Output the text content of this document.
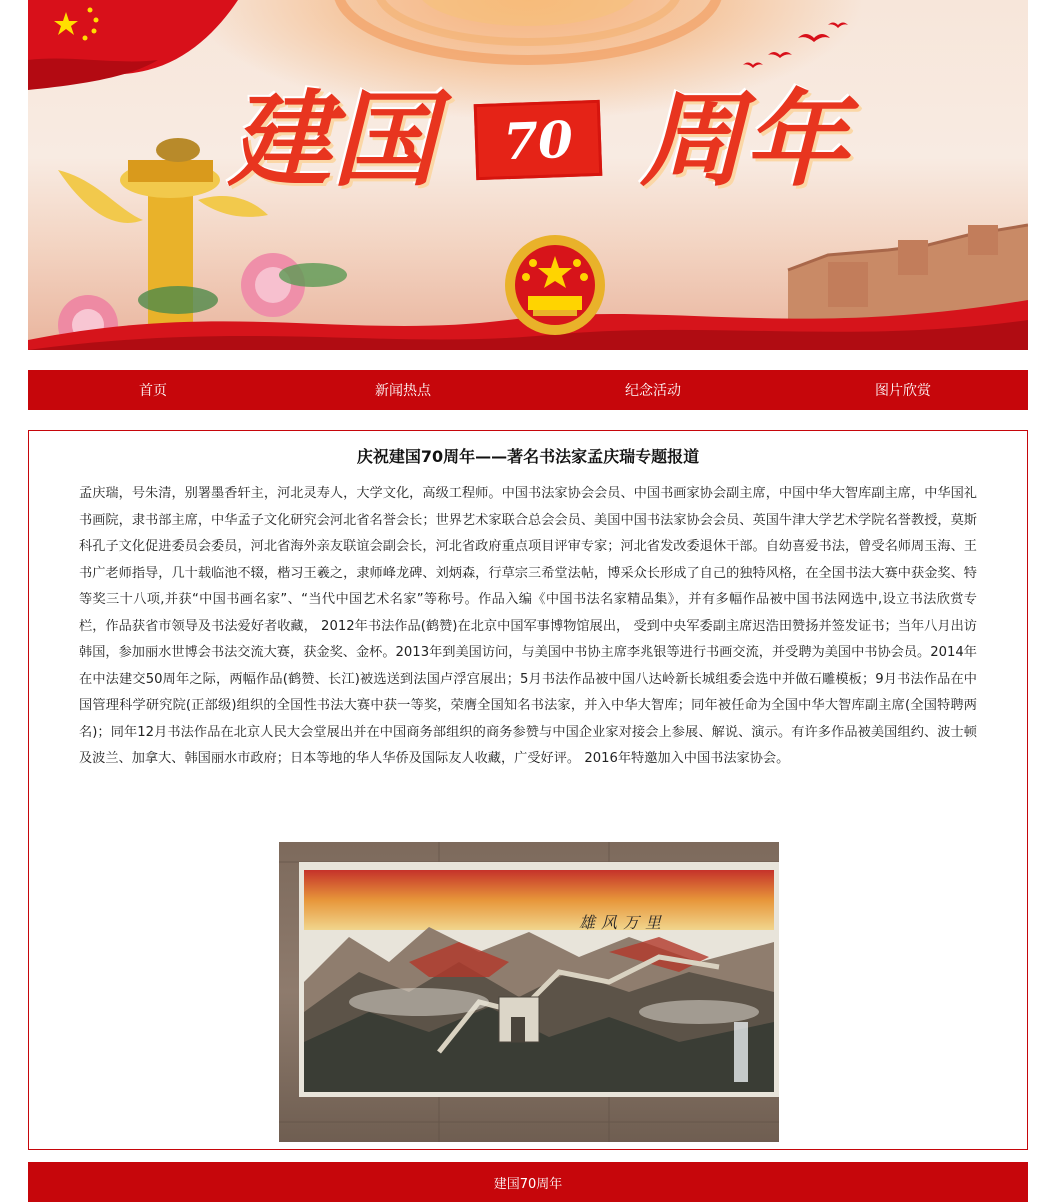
建国 70 周年
首页	新闻热点	纪念活动	图片欣赏
庆祝建国70周年——著名书法家孟庆瑞专题报道
孟庆瑞，号朱清，别署墨香轩主，河北灵寿人，大学文化，高级工程师。中国书法家协会会员、中国书画家协会副主席，中国中华大智库副主席，中华国礼书画院，隶书部主席，中华孟子文化研究会河北省名誉会长；世界艺术家联合总会会员、美国中国书法家协会会员、英国牛津大学艺术学院名誉教授，莫斯科孔子文化促进委员会委员，河北省海外亲友联谊会副会长，河北省政府重点项目评审专家；河北省发改委退休干部。自幼喜爱书法，曾受名师周玉海、王书广老师指导，几十载临池不辍，楷习王羲之，隶师峰龙碑、刘炳森，行草宗三希堂法帖，博采众长形成了自己的独特风格，在全国书法大赛中获金奖、特等奖三十八项,并获“中国书画名家”、“当代中国艺术名家”等称号。作品入编《中国书法名家精品集》，并有多幅作品被中国书法网选中,设立书法欣赏专栏，作品获省市领导及书法爱好者收藏， 2012年书法作品(鹤赞)在北京中国军事博物馆展出， 受到中央军委副主席迟浩田赞扬并签发证书；当年八月出访韩国，参加丽水世博会书法交流大赛，获金奖、金杯。2013年到美国访问，与美国中书协主席李兆银等进行书画交流，并受聘为美国中书协会员。2014年在中法建交50周年之际，两幅作品(鹤赞、长江)被选送到法国卢浮宫展出；5月书法作品被中国八达岭新长城组委会选中并做石雕模板；9月书法作品在中国管理科学研究院(正部级)组织的全国性书法大赛中获一等奖，荣膺全国知名书法家，并入中华大智库；同年被任命为全国中华大智库副主席(全国特聘两名)；同年12月书法作品在北京人民大会堂展出并在中国商务部组织的商务参赞与中国企业家对接会上参展、解说、演示。有许多作品被美国组约、波士顿及波兰、加拿大、韩国丽水市政府；日本等地的华人华侨及国际友人收藏，广受好评。 2016年特邀加入中国书法家协会。
雄风万里
建国70周年
